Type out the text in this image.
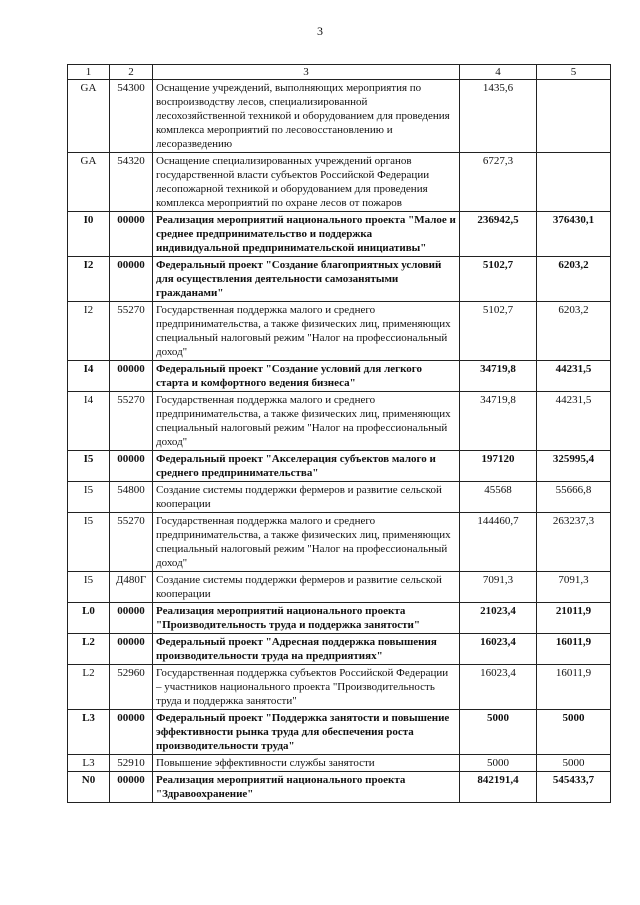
3
1	2	3	4	5
GA	54300	Оснащение учреждений, выполняющих мероприятия по воспроизводству лесов, специализированной лесохозяйственной техникой и оборудованием для проведения комплекса мероприятий по лесовосстановлению и лесоразведению	1435,6	
GA	54320	Оснащение специализированных учреждений органов государственной власти субъектов Российской Федерации лесопожарной техникой и оборудованием для проведения комплекса мероприятий по охране лесов от пожаров	6727,3	
I0	00000	Реализация мероприятий национального проекта "Малое и среднее предпринимательство и поддержка индивидуальной предпринимательской инициативы"	236942,5	376430,1
I2	00000	Федеральный проект "Создание благоприятных условий для осуществления деятельности самозанятыми гражданами"	5102,7	6203,2
I2	55270	Государственная поддержка малого и среднего предпринимательства, а также физических лиц, применяющих специальный налоговый режим "Налог на профессиональный доход"	5102,7	6203,2
I4	00000	Федеральный проект "Создание условий для легкого старта и комфортного ведения бизнеса"	34719,8	44231,5
I4	55270	Государственная поддержка малого и среднего предпринимательства, а также физических лиц, применяющих специальный налоговый режим "Налог на профессиональный доход"	34719,8	44231,5
I5	00000	Федеральный проект "Акселерация субъектов малого и среднего предпринимательства"	197120	325995,4
I5	54800	Создание системы поддержки фермеров и развитие сельской кооперации	45568	55666,8
I5	55270	Государственная поддержка малого и среднего предпринимательства, а также физических лиц, применяющих специальный налоговый режим "Налог на профессиональный доход"	144460,7	263237,3
I5	Д480Г	Создание системы поддержки фермеров и развитие сельской кооперации	7091,3	7091,3
L0	00000	Реализация мероприятий национального проекта "Производительность труда и поддержка занятости"	21023,4	21011,9
L2	00000	Федеральный проект "Адресная поддержка повышения производительности труда на предприятиях"	16023,4	16011,9
L2	52960	Государственная поддержка субъектов Российской Федерации – участников национального проекта "Производительность труда и поддержка занятости"	16023,4	16011,9
L3	00000	Федеральный проект "Поддержка занятости и повышение эффективности рынка труда для обеспечения роста производительности труда"	5000	5000
L3	52910	Повышение эффективности службы занятости	5000	5000
N0	00000	Реализация мероприятий национального проекта "Здравоохранение"	842191,4	545433,7
